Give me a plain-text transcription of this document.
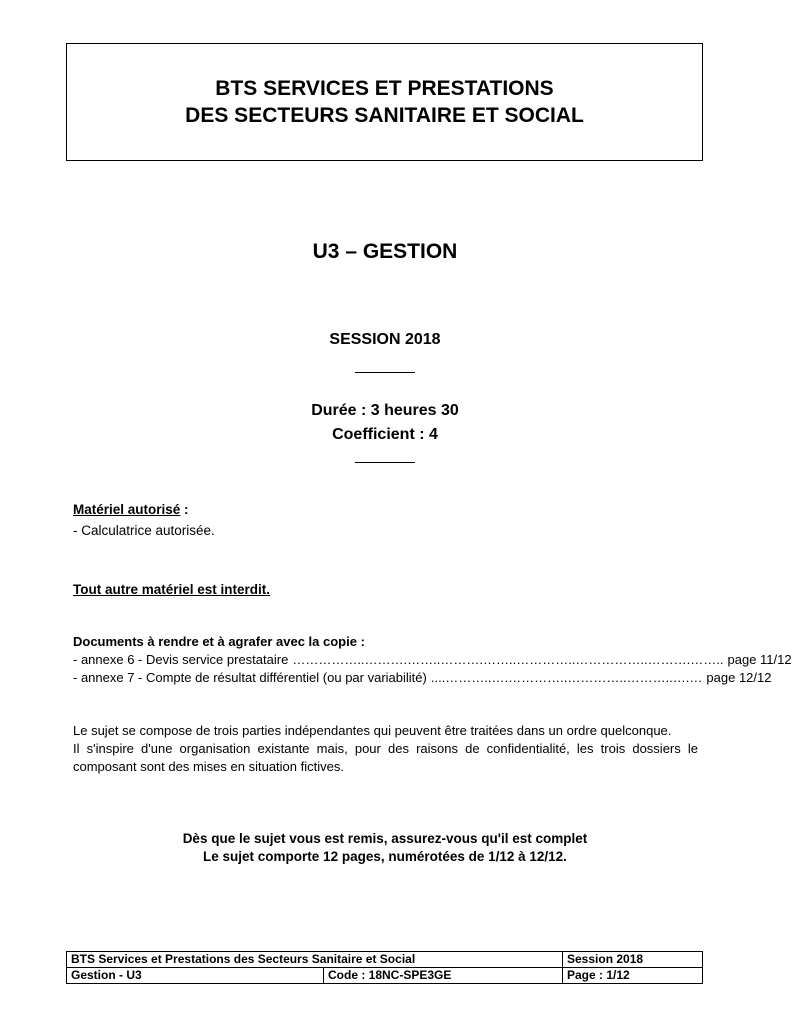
BTS SERVICES ET PRESTATIONS
DES SECTEURS SANITAIRE ET SOCIAL
U3 – GESTION
SESSION 2018
Durée : 3 heures 30
Coefficient : 4
Matériel autorisé :
- Calculatrice autorisée.
Tout autre matériel est interdit.
Documents à rendre et à agrafer avec la copie :
- annexe 6 - Devis service prestataire ……………..……….……..……….……..…………..……………..……….…….. page 11/12
- annexe 7 - Compte de résultat différentiel (ou par variabilité) ....………..….…………..…………..………..….… page 12/12

Le sujet se compose de trois parties indépendantes qui peuvent être traitées dans un ordre quelconque.

Il s'inspire d'une organisation existante mais, pour des raisons de confidentialité, les trois dossiers le composant sont des mises en situation fictives.

Dès que le sujet vous est remis, assurez-vous qu'il est complet
Le sujet comporte 12 pages, numérotées de 1/12 à 12/12.
BTS Services et Prestations des Secteurs Sanitaire et Social		Session 2018
Gestion - U3	Code : 18NC-SPE3GE	Page : 1/12
